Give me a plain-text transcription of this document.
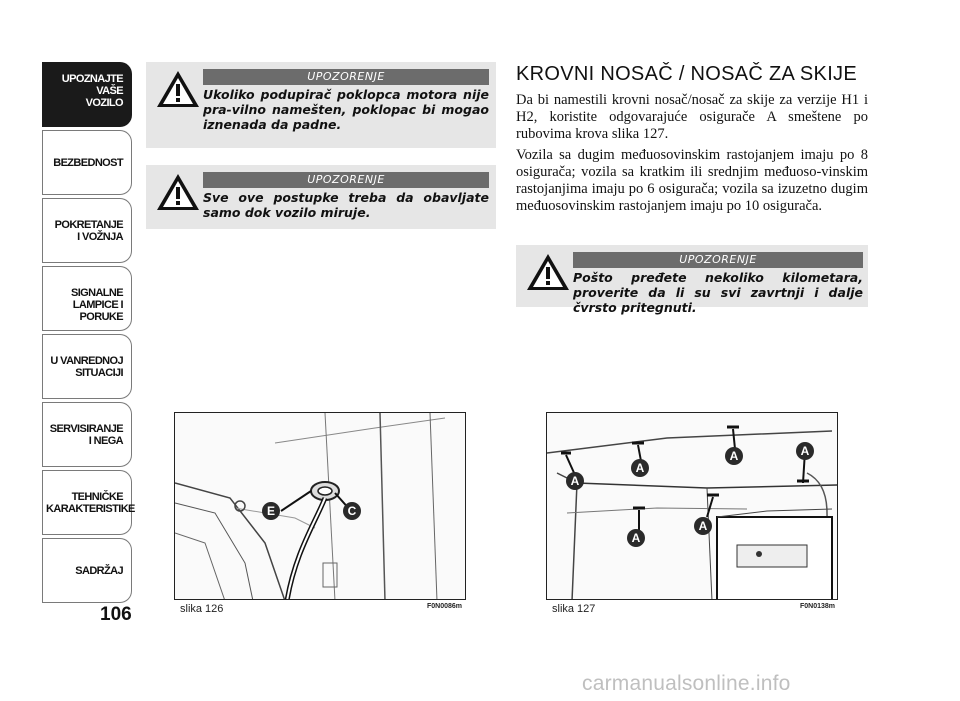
UPOZNAJTE
VAŠE
VOZILO
BEZBEDNOST
POKRETANJE
I VOŽNJA
SIGNALNE
LAMPICE I PORUKE
U VANREDNOJ
SITUACIJI
SERVISIRANJE
I NEGA
TEHNIČKE
KARAKTERISTIKE
SADRŽAJ
106
UPOZORENJE
Ukoliko podupirač poklopca motora nije pra-vilno namešten, poklopac bi mogao iznenada da padne.
UPOZORENJE
Sve ove postupke treba da obavljate samo dok vozilo miruje.
KROVNI NOSAČ / NOSAČ ZA SKIJE
Da bi namestili krovni nosač/nosač za skije za verzije H1 i H2, koristite odgovarajuće osigurače A smeštene po rubovima krova slika 127.
Vozila sa dugim međuosovinskim rastojanjem imaju po 8 osigurača; vozila sa kratkim ili srednjim međuoso-vinskim rastojanjima imaju po 6 osigurača; vozila sa izuzetno dugim međuosovinskim rastojanjem imaju po 10 osigurača.
UPOZORENJE
Pošto pređete nekoliko kilometara, proverite da li su svi zavrtnji i dalje čvrsto pritegnuti.
E	C
slika 126	F0N0086m
A
A
A	A
A
A
slika 127	F0N0138m
carmanualsonline.info
